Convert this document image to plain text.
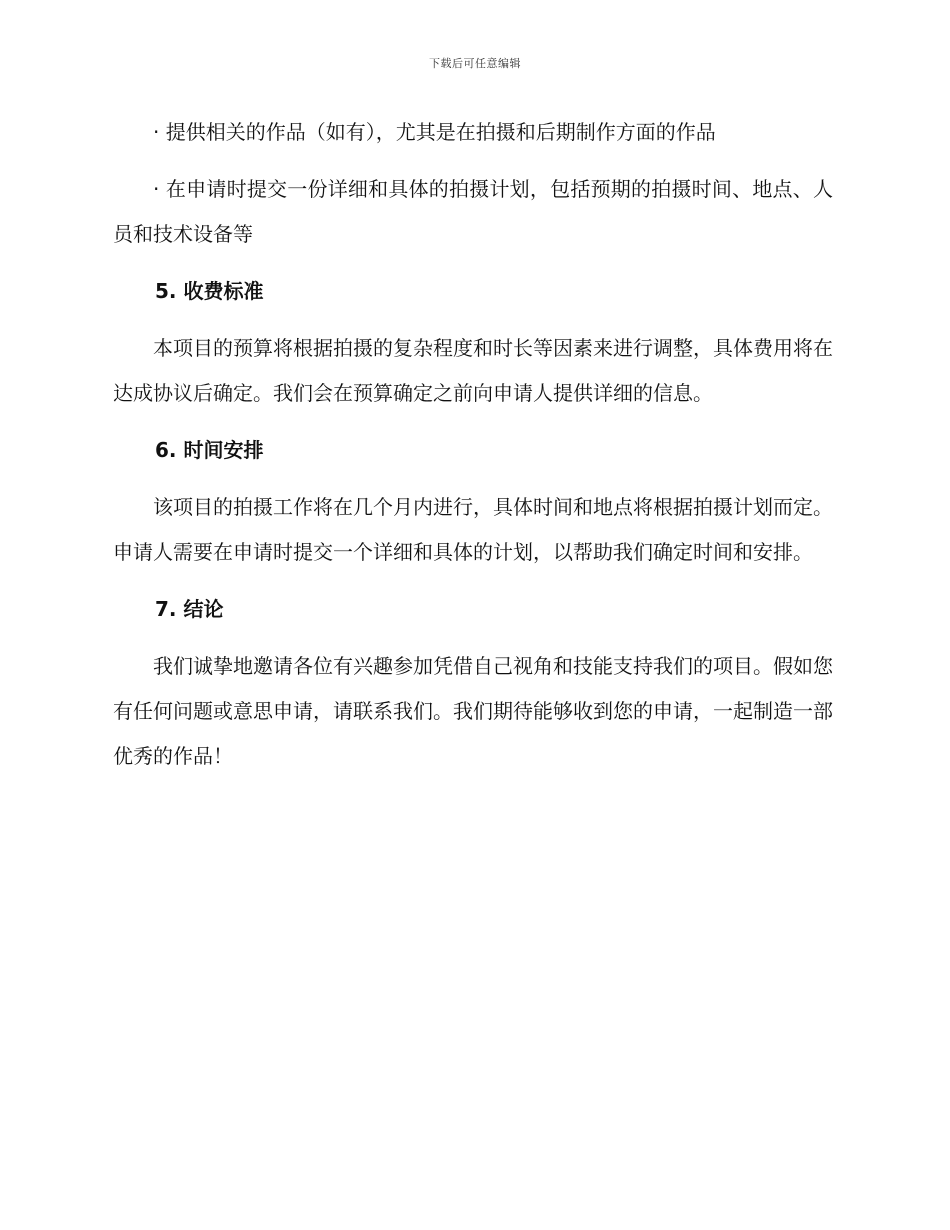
下载后可任意编辑

· 提供相关的作品（如有），尤其是在拍摄和后期制作方面的作品

· 在申请时提交一份详细和具体的拍摄计划，包括预期的拍摄时间、地点、人员和技术设备等

5. 收费标准

本项目的预算将根据拍摄的复杂程度和时长等因素来进行调整，具体费用将在达成协议后确定。我们会在预算确定之前向申请人提供详细的信息。

6. 时间安排

该项目的拍摄工作将在几个月内进行，具体时间和地点将根据拍摄计划而定。申请人需要在申请时提交一个详细和具体的计划，以帮助我们确定时间和安排。

7. 结论

我们诚挚地邀请各位有兴趣参加凭借自己视角和技能支持我们的项目。假如您有任何问题或意思申请，请联系我们。我们期待能够收到您的申请，一起制造一部优秀的作品！
